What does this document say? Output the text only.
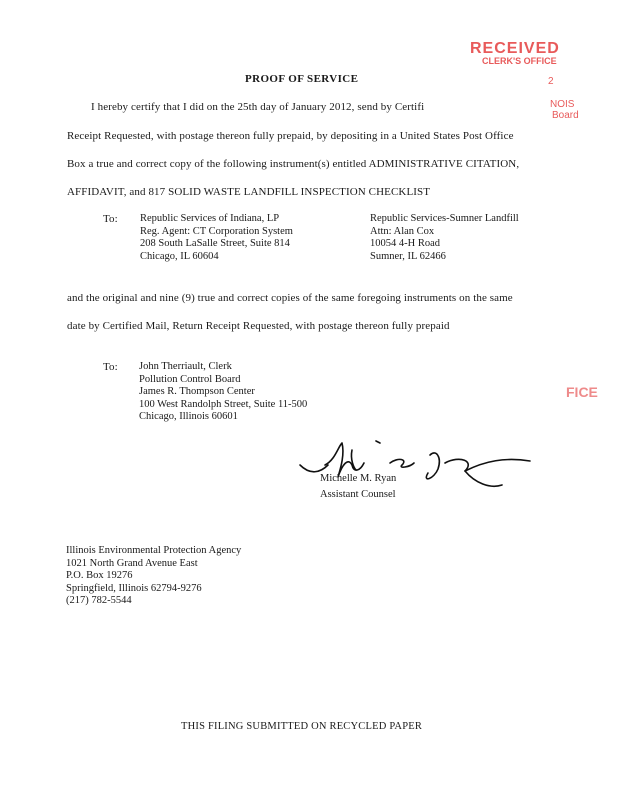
RECEIVED
CLERK'S OFFICE
2
NOIS
Board
FICE
PROOF OF SERVICE
I hereby certify that I did on the 25th day of January 2012, send by Certifi
Receipt Requested, with postage thereon fully prepaid, by depositing in a United States Post Office
Box a true and correct copy of the following instrument(s) entitled ADMINISTRATIVE CITATION,
AFFIDAVIT, and 817 SOLID WASTE LANDFILL INSPECTION CHECKLIST
To: Republic Services of Indiana, LP
Reg. Agent: CT Corporation System
208 South LaSalle Street, Suite 814
Chicago, IL 60604
Republic Services-Sumner Landfill
Attn: Alan Cox
10054 4-H Road
Sumner, IL 62466
and the original and nine (9) true and correct copies of the same foregoing instruments on the same
date by Certified Mail, Return Receipt Requested, with postage thereon fully prepaid
To: John Therriault, Clerk
Pollution Control Board
James R. Thompson Center
100 West Randolph Street, Suite 11-500
Chicago, Illinois 60601
Michelle M. Ryan
Assistant Counsel
Illinois Environmental Protection Agency
1021 North Grand Avenue East
P.O. Box 19276
Springfield, Illinois 62794-9276
(217) 782-5544
THIS FILING SUBMITTED ON RECYCLED PAPER
